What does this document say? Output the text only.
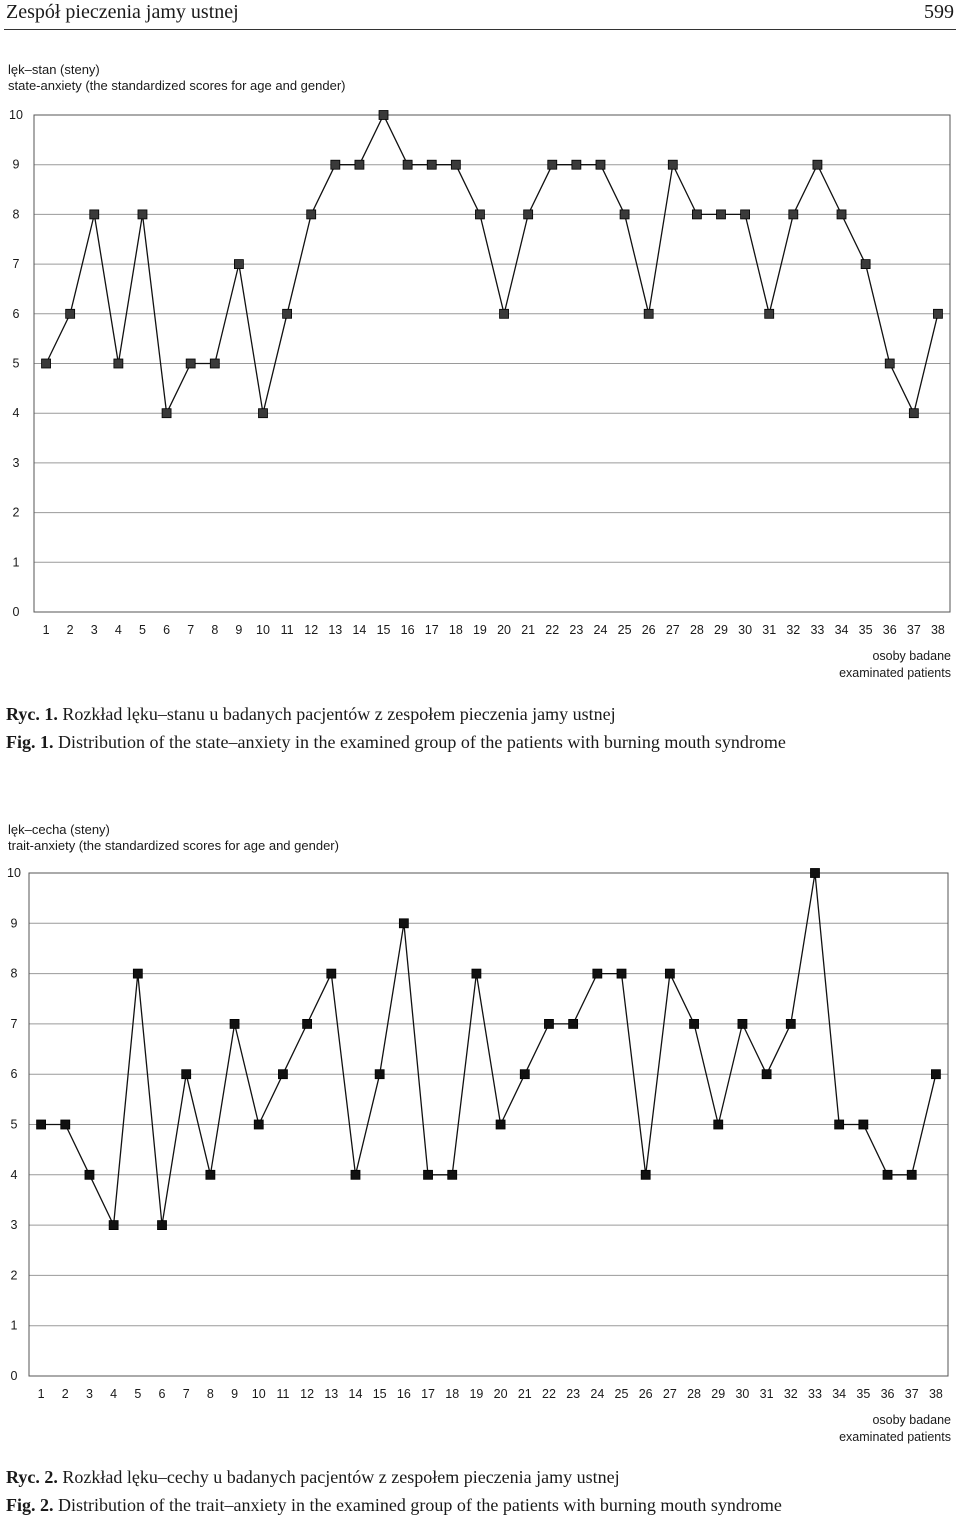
Zespół pieczenia jamy ustnej	599
lęk–stan (steny)
state-anxiety (the standardized scores for age and gender)
0
1
2
3
4
5
6
7
8
9
10
1 2 3 4 5 6 7 8 9 10 11 12 13 14 15 16 17 18 19 20 21 22 23 24 25 26 27 28 29 30 31 32 33 34 35 36 37 38
osoby badane
examinated patients
Ryc. 1. Rozkład lęku–stanu u badanych pacjentów z zespołem pieczenia jamy ustnej
Fig. 1. Distribution of the state–anxiety in the examined group of the patients with burning mouth syndrome
lęk–cecha (steny)
trait-anxiety (the standardized scores for age and gender)
0
1
2
3
4
5
6
7
8
9
10
1 2 3 4 5 6 7 8 9 10 11 12 13 14 15 16 17 18 19 20 21 22 23 24 25 26 27 28 29 30 31 32 33 34 35 36 37 38
osoby badane
examinated patients
Ryc. 2. Rozkład lęku–cechy u badanych pacjentów z zespołem pieczenia jamy ustnej
Fig. 2. Distribution of the trait–anxiety in the examined group of the patients with burning mouth syndrome
